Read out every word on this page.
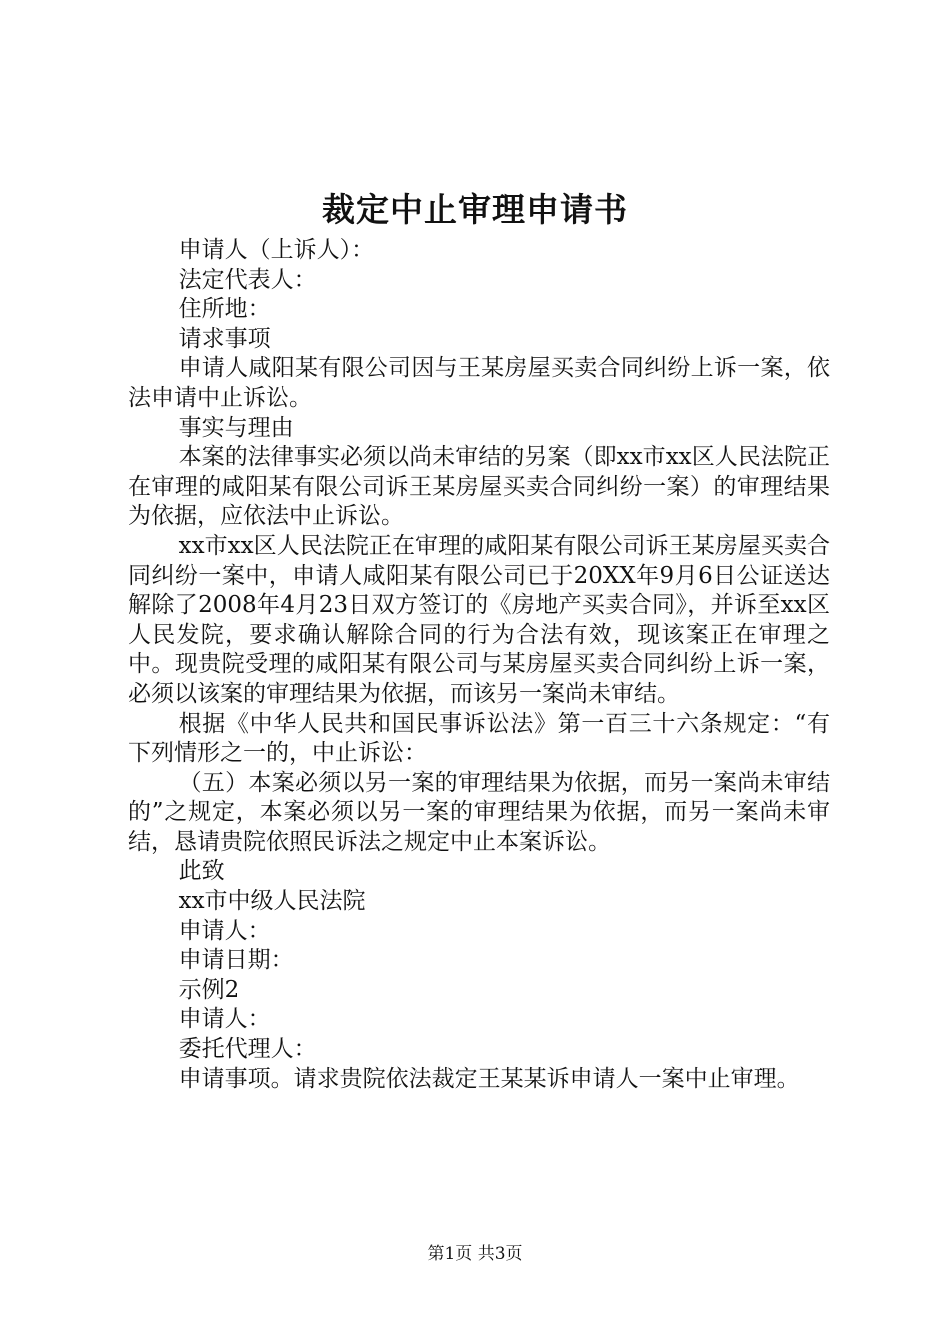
裁定中止审理申请书

申请人（上诉人）：

法定代表人：

住所地：

请求事项

申请人咸阳某有限公司因与王某房屋买卖合同纠纷上诉一案，依法申请中止诉讼。

事实与理由

本案的法律事实必须以尚未审结的另案（即xx市xx区人民法院正在审理的咸阳某有限公司诉王某房屋买卖合同纠纷一案）的审理结果为依据，应依法中止诉讼。

xx市xx区人民法院正在审理的咸阳某有限公司诉王某房屋买卖合同纠纷一案中，申请人咸阳某有限公司已于20XX年9月6日公证送达解除了2008年4月23日双方签订的《房地产买卖合同》，并诉至xx区人民发院，要求确认解除合同的行为合法有效，现该案正在审理之中。现贵院受理的咸阳某有限公司与某房屋买卖合同纠纷上诉一案，必须以该案的审理结果为依据，而该另一案尚未审结。

根据《中华人民共和国民事诉讼法》第一百三十六条规定：“有下列情形之一的，中止诉讼：

（五）本案必须以另一案的审理结果为依据，而另一案尚未审结的”之规定，本案必须以另一案的审理结果为依据，而另一案尚未审结，恳请贵院依照民诉法之规定中止本案诉讼。

此致

xx市中级人民法院

申请人：

申请日期：

示例2

申请人：

委托代理人：

申请事项。请求贵院依法裁定王某某诉申请人一案中止审理。

第1页 共3页
